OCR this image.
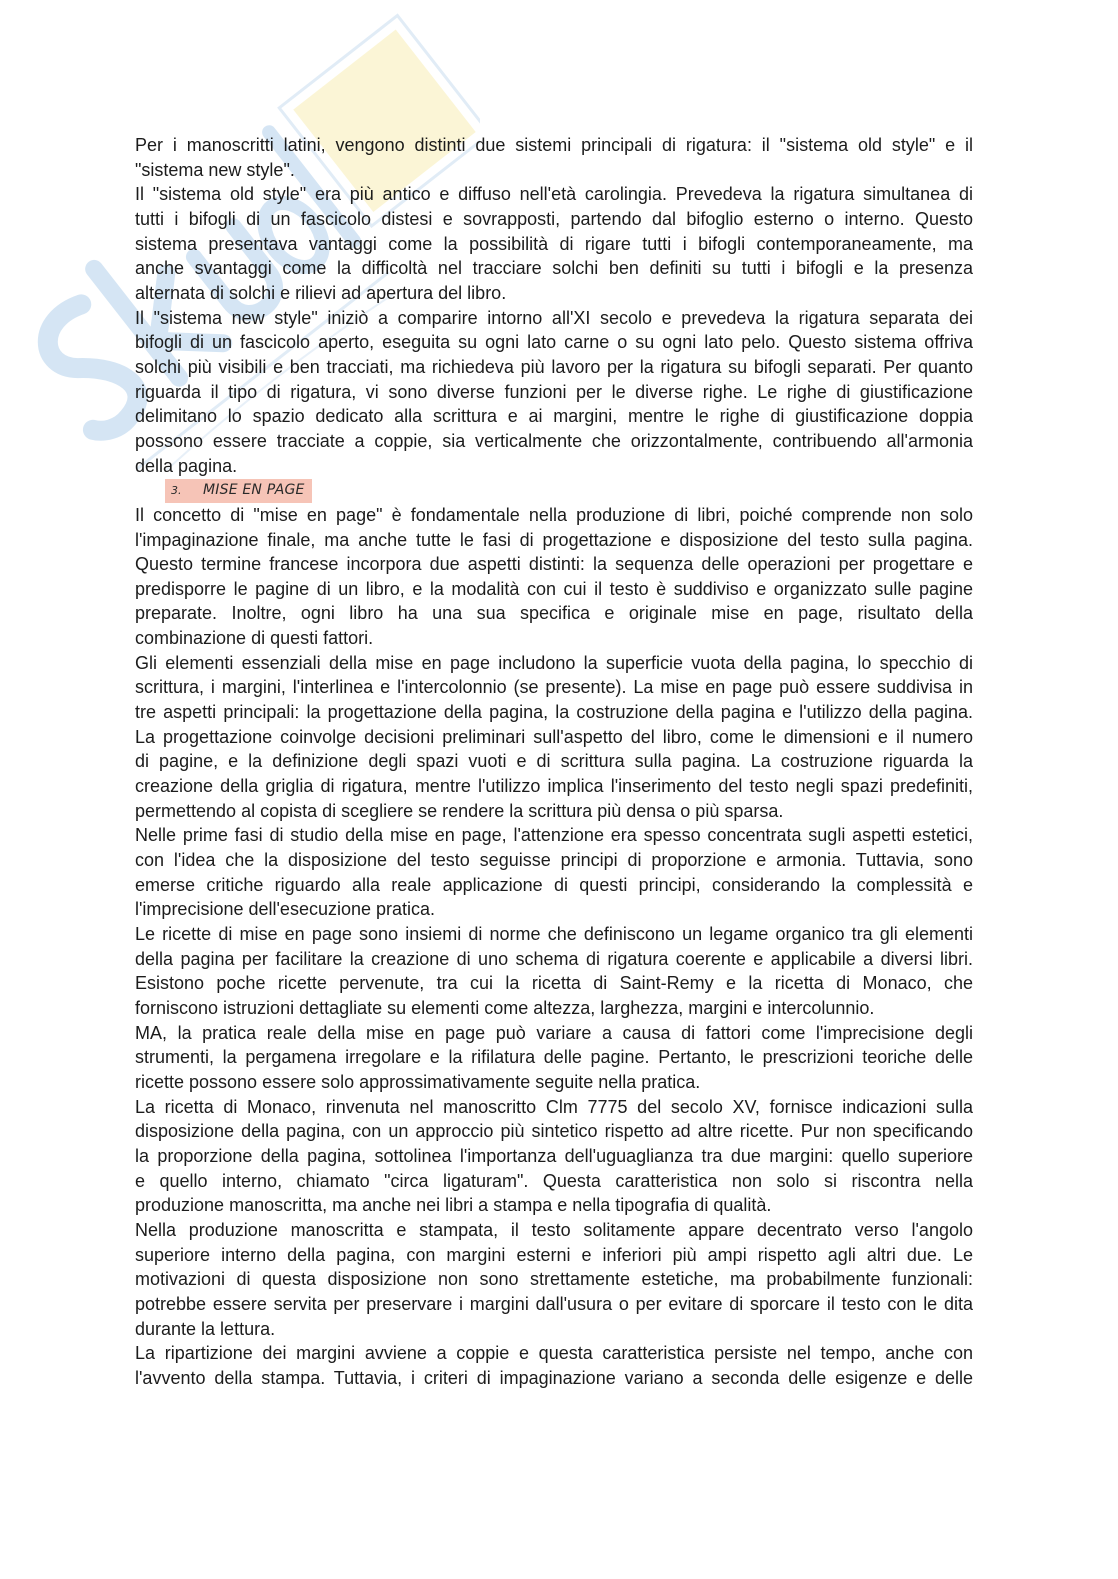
Per i manoscritti latini, vengono distinti due sistemi principali di rigatura: il "sistema old style" e il
"sistema new style".
Il "sistema old style" era più antico e diffuso nell'età carolingia. Prevedeva la rigatura simultanea di
tutti i bifogli di un fascicolo distesi e sovrapposti, partendo dal bifoglio esterno o interno. Questo
sistema presentava vantaggi come la possibilità di rigare tutti i bifogli contemporaneamente, ma
anche svantaggi come la difficoltà nel tracciare solchi ben definiti su tutti i bifogli e la presenza
alternata di solchi e rilievi ad apertura del libro.
Il "sistema new style" iniziò a comparire intorno all'XI secolo e prevedeva la rigatura separata dei
bifogli di un fascicolo aperto, eseguita su ogni lato carne o su ogni lato pelo. Questo sistema offriva
solchi più visibili e ben tracciati, ma richiedeva più lavoro per la rigatura su bifogli separati. Per quanto
riguarda il tipo di rigatura, vi sono diverse funzioni per le diverse righe. Le righe di giustificazione
delimitano lo spazio dedicato alla scrittura e ai margini, mentre le righe di giustificazione doppia
possono essere tracciate a coppie, sia verticalmente che orizzontalmente, contribuendo all'armonia
della pagina.
3. MISE EN PAGE
Il concetto di "mise en page" è fondamentale nella produzione di libri, poiché comprende non solo
l'impaginazione finale, ma anche tutte le fasi di progettazione e disposizione del testo sulla pagina.
Questo termine francese incorpora due aspetti distinti: la sequenza delle operazioni per progettare e
predisporre le pagine di un libro, e la modalità con cui il testo è suddiviso e organizzato sulle pagine
preparate. Inoltre, ogni libro ha una sua specifica e originale mise en page, risultato della
combinazione di questi fattori.
Gli elementi essenziali della mise en page includono la superficie vuota della pagina, lo specchio di
scrittura, i margini, l'interlinea e l'intercolonnio (se presente). La mise en page può essere suddivisa in
tre aspetti principali: la progettazione della pagina, la costruzione della pagina e l'utilizzo della pagina.
La progettazione coinvolge decisioni preliminari sull'aspetto del libro, come le dimensioni e il numero
di pagine, e la definizione degli spazi vuoti e di scrittura sulla pagina. La costruzione riguarda la
creazione della griglia di rigatura, mentre l'utilizzo implica l'inserimento del testo negli spazi predefiniti,
permettendo al copista di scegliere se rendere la scrittura più densa o più sparsa.
Nelle prime fasi di studio della mise en page, l'attenzione era spesso concentrata sugli aspetti estetici,
con l'idea che la disposizione del testo seguisse principi di proporzione e armonia. Tuttavia, sono
emerse critiche riguardo alla reale applicazione di questi principi, considerando la complessità e
l'imprecisione dell'esecuzione pratica.
Le ricette di mise en page sono insiemi di norme che definiscono un legame organico tra gli elementi
della pagina per facilitare la creazione di uno schema di rigatura coerente e applicabile a diversi libri.
Esistono poche ricette pervenute, tra cui la ricetta di Saint-Remy e la ricetta di Monaco, che
forniscono istruzioni dettagliate su elementi come altezza, larghezza, margini e intercolunnio.
MA, la pratica reale della mise en page può variare a causa di fattori come l'imprecisione degli
strumenti, la pergamena irregolare e la rifilatura delle pagine. Pertanto, le prescrizioni teoriche delle
ricette possono essere solo approssimativamente seguite nella pratica.
La ricetta di Monaco, rinvenuta nel manoscritto Clm 7775 del secolo XV, fornisce indicazioni sulla
disposizione della pagina, con un approccio più sintetico rispetto ad altre ricette. Pur non specificando
la proporzione della pagina, sottolinea l'importanza dell'uguaglianza tra due margini: quello superiore
e quello interno, chiamato "circa ligaturam". Questa caratteristica non solo si riscontra nella
produzione manoscritta, ma anche nei libri a stampa e nella tipografia di qualità.
Nella produzione manoscritta e stampata, il testo solitamente appare decentrato verso l'angolo
superiore interno della pagina, con margini esterni e inferiori più ampi rispetto agli altri due. Le
motivazioni di questa disposizione non sono strettamente estetiche, ma probabilmente funzionali:
potrebbe essere servita per preservare i margini dall'usura o per evitare di sporcare il testo con le dita
durante la lettura.
La ripartizione dei margini avviene a coppie e questa caratteristica persiste nel tempo, anche con
l'avvento della stampa. Tuttavia, i criteri di impaginazione variano a seconda delle esigenze e delle
